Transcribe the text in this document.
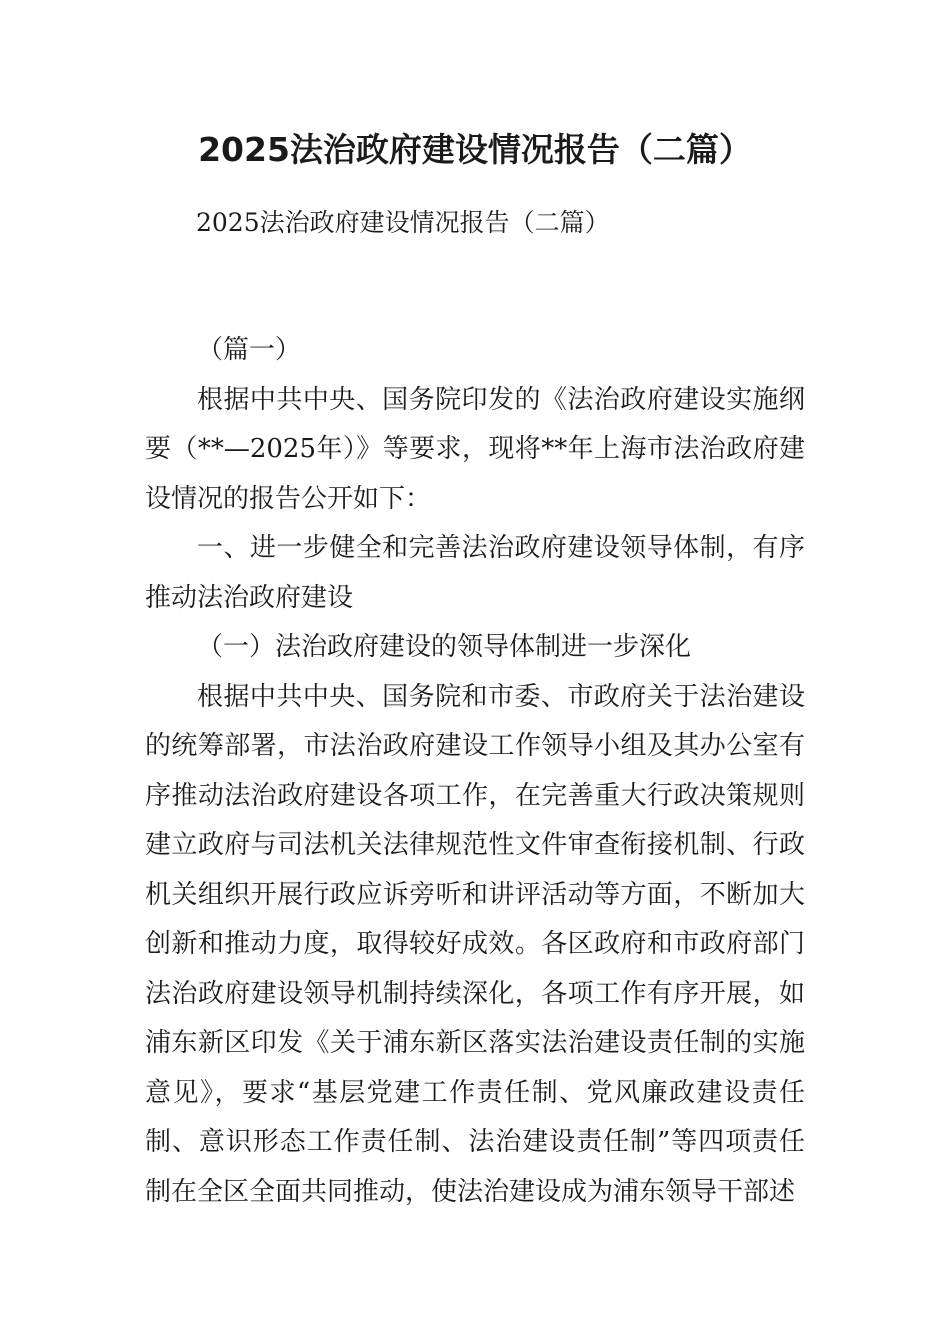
2025法治政府建设情况报告（二篇）
2025法治政府建设情况报告（二篇）

（篇一）

根据中共中央、国务院印发的《法治政府建设实施纲要（**—2025年）》等要求，现将**年上海市法治政府建设情况的报告公开如下：

一、进一步健全和完善法治政府建设领导体制，有序推动法治政府建设

（一）法治政府建设的领导体制进一步深化

根据中共中央、国务院和市委、市政府关于法治建设的统筹部署，市法治政府建设工作领导小组及其办公室有序推动法治政府建设各项工作，在完善重大行政决策规则建立政府与司法机关法律规范性文件审查衔接机制、行政机关组织开展行政应诉旁听和讲评活动等方面，不断加大创新和推动力度，取得较好成效。各区政府和市政府部门法治政府建设领导机制持续深化，各项工作有序开展，如浦东新区印发《关于浦东新区落实法治建设责任制的实施意见》，要求“基层党建工作责任制、党风廉政建设责任制、意识形态工作责任制、法治建设责任制”等四项责任制在全区全面共同推动，使法治建设成为浦东领导干部述
